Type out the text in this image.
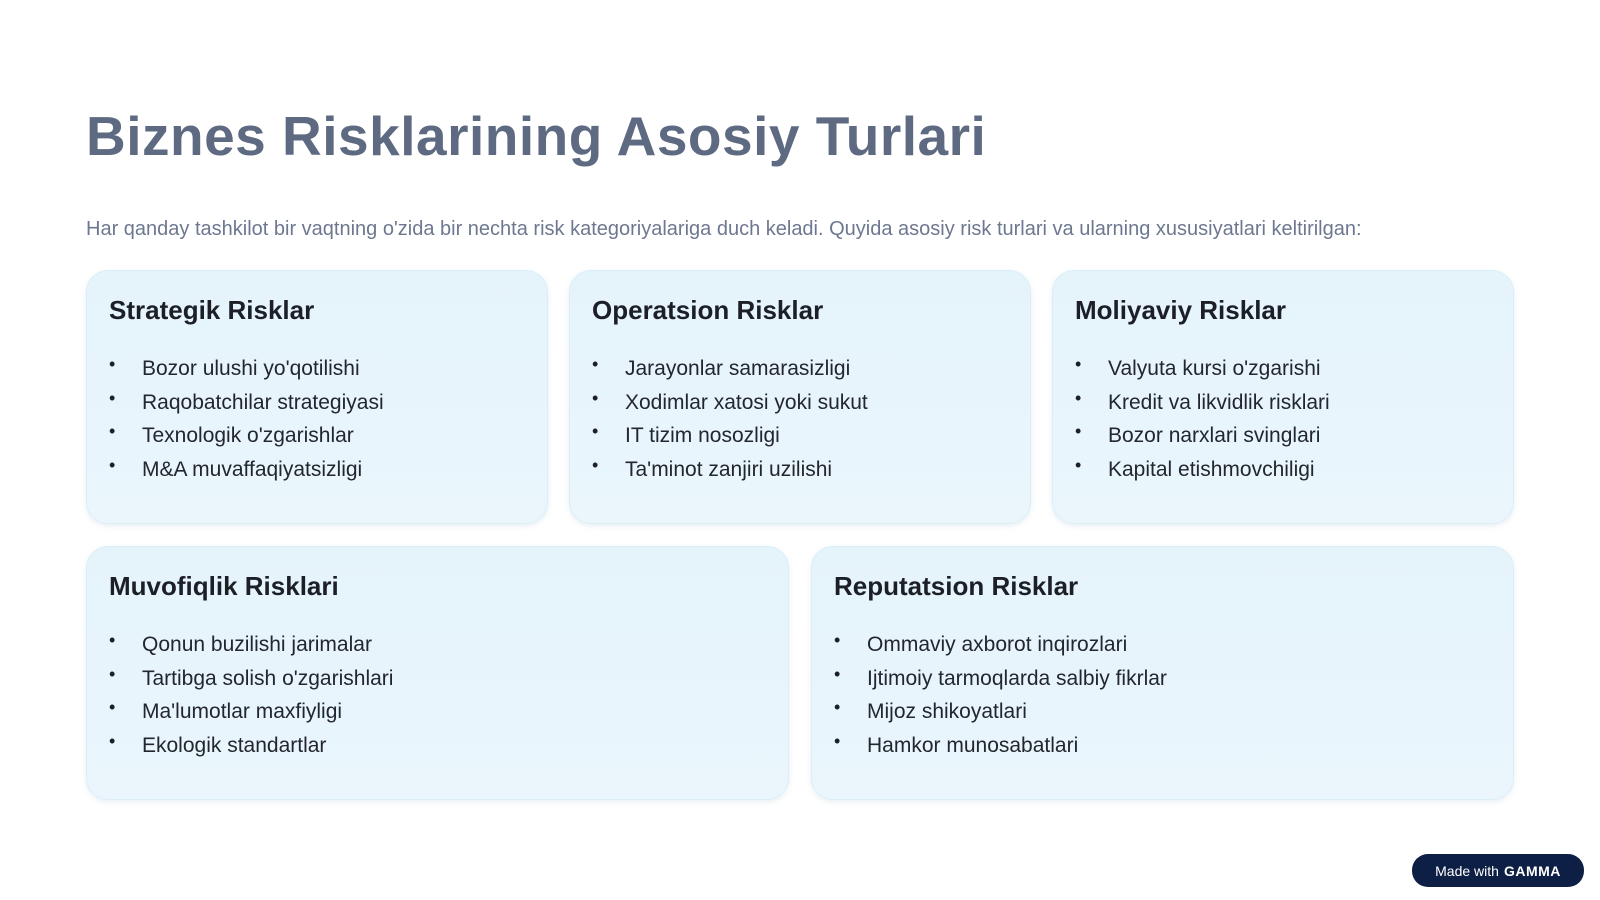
Biznes Risklarining Asosiy Turlari

Har qanday tashkilot bir vaqtning o'zida bir nechta risk kategoriyalariga duch keladi. Quyida asosiy risk turlari va ularning xususiyatlari keltirilgan:

Strategik Risklar
• Bozor ulushi yo'qotilishi
• Raqobatchilar strategiyasi
• Texnologik o'zgarishlar
• M&A muvaffaqiyatsizligi
Operatsion Risklar
• Jarayonlar samarasizligi
• Xodimlar xatosi yoki sukut
• IT tizim nosozligi
• Ta'minot zanjiri uzilishi
Moliyaviy Risklar
• Valyuta kursi o'zgarishi
• Kredit va likvidlik risklari
• Bozor narxlari svinglari
• Kapital etishmovchiligi
Muvofiqlik Risklari
• Qonun buzilishi jarimalar
• Tartibga solish o'zgarishlari
• Ma'lumotlar maxfiyligi
• Ekologik standartlar
Reputatsion Risklar
• Ommaviy axborot inqirozlari
• Ijtimoiy tarmoqlarda salbiy fikrlar
• Mijoz shikoyatlari
• Hamkor munosabatlari
Made with GAMMA
